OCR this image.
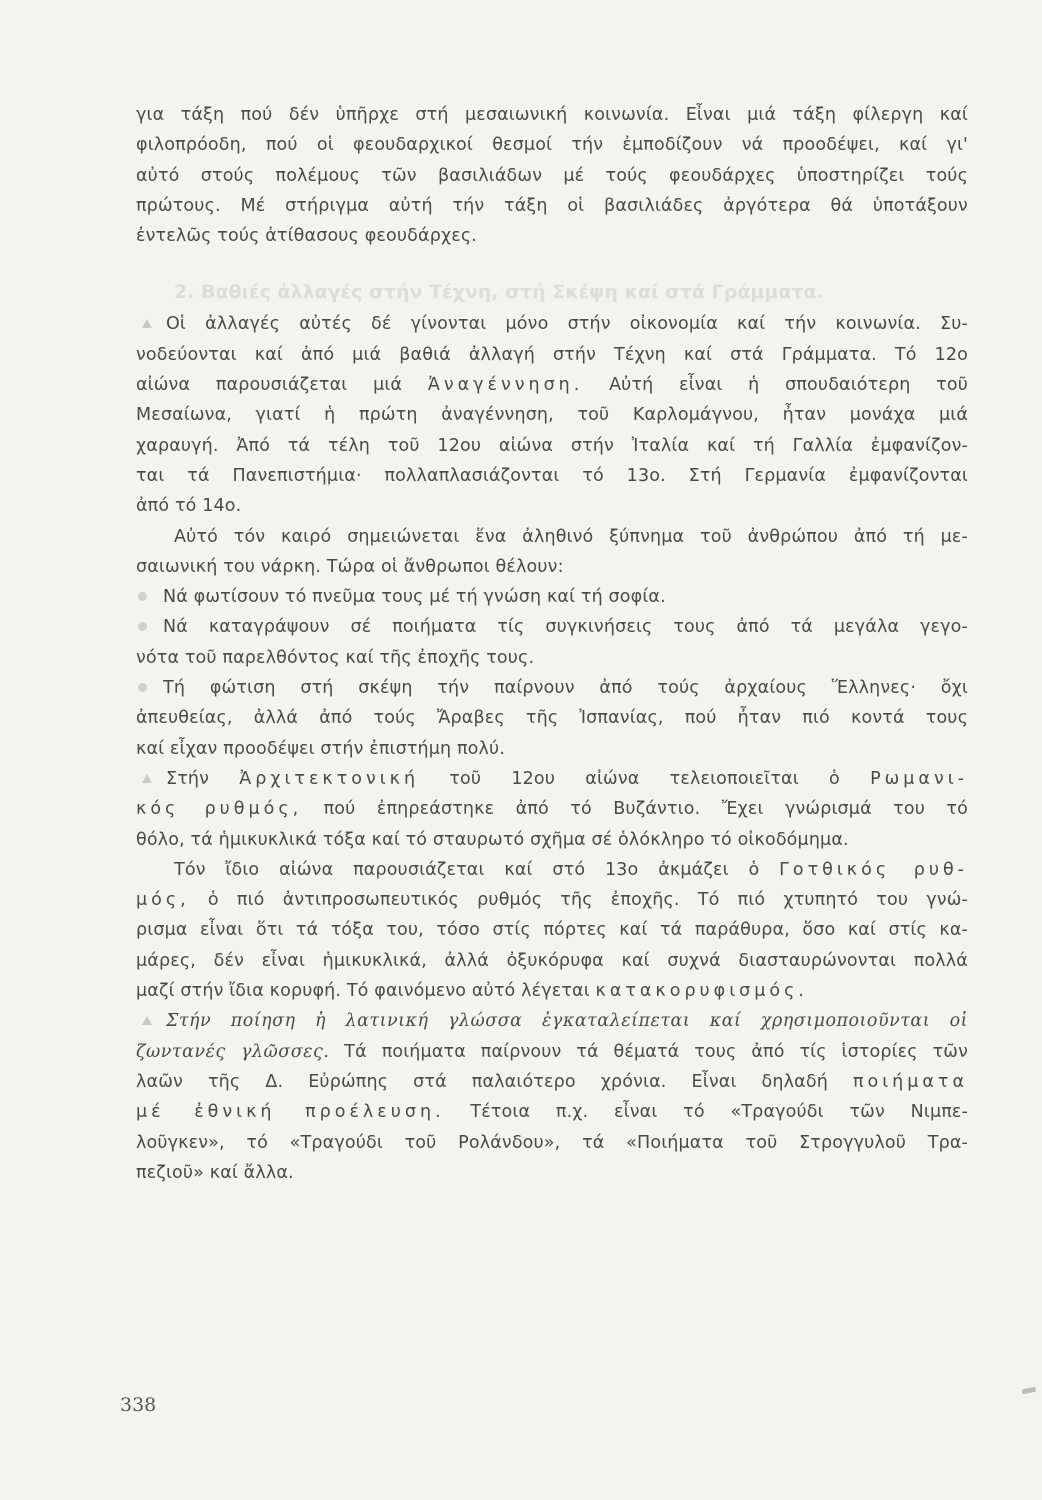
για τάξη πού δέν ὑπῆρχε στή μεσαιωνική κοινωνία. Εἶναι μιά τάξη φίλεργη καί
φιλοπρόοδη, πού οἱ φεουδαρχικοί θεσμοί τήν ἐμποδίζουν νά προοδέψει, καί γι'
αὐτό στούς πολέμους τῶν βασιλιάδων μέ τούς φεουδάρχες ὑποστηρίζει τούς
πρώτους. Μέ στήριγμα αὐτή τήν τάξη οἱ βασιλιάδες ἀργότερα θά ὑποτάξουν
ἐντελῶς τούς ἀτίθασους φεουδάρχες.
2. Βαθιές ἀλλαγές στήν Τέχνη, στή Σκέψη καί στά Γράμματα.
Οἱ ἀλλαγές αὐτές δέ γίνονται μόνο στήν οἰκονομία καί τήν κοινωνία. Συ-
νοδεύονται καί ἀπό μιά βαθιά ἀλλαγή στήν Τέχνη καί στά Γράμματα. Τό 12ο
αἰώνα παρουσιάζεται μιά Ἀναγέννηση. Αὐτή εἶναι ἡ σπουδαιότερη τοῦ
Μεσαίωνα, γιατί ἡ πρώτη ἀναγέννηση, τοῦ Καρλομάγνου, ἦταν μονάχα μιά
χαραυγή. Ἀπό τά τέλη τοῦ 12ου αἰώνα στήν Ἰταλία καί τή Γαλλία ἐμφανίζον-
ται τά Πανεπιστήμια· πολλαπλασιάζονται τό 13ο. Στή Γερμανία ἐμφανίζονται
ἀπό τό 14ο.
Αὐτό τόν καιρό σημειώνεται ἕνα ἀληθινό ξύπνημα τοῦ ἀνθρώπου ἀπό τή με-
σαιωνική του νάρκη. Τώρα οἱ ἄνθρωποι θέλουν:
Νά φωτίσουν τό πνεῦμα τους μέ τή γνώση καί τή σοφία.
Νά καταγράψουν σέ ποιήματα τίς συγκινήσεις τους ἀπό τά μεγάλα γεγο-
νότα τοῦ παρελθόντος καί τῆς ἐποχῆς τους.
Τή φώτιση στή σκέψη τήν παίρνουν ἀπό τούς ἀρχαίους Ἕλληνες· ὄχι
ἀπευθείας, ἀλλά ἀπό τούς Ἄραβες τῆς Ἰσπανίας, πού ἦταν πιό κοντά τους
καί εἶχαν προοδέψει στήν ἐπιστήμη πολύ.
Στήν Ἀρχιτεκτονική τοῦ 12ου αἰώνα τελειοποιεῖται ὁ Ρωμανι-
κός ρυθμός, πού ἐπηρεάστηκε ἀπό τό Βυζάντιο. Ἔχει γνώρισμά του τό
θόλο, τά ἡμικυκλικά τόξα καί τό σταυρωτό σχῆμα σέ ὁλόκληρο τό οἰκοδόμημα.
Τόν ἴδιο αἰώνα παρουσιάζεται καί στό 13ο ἀκμάζει ὁ Γοτθικός ρυθ-
μός, ὁ πιό ἀντιπροσωπευτικός ρυθμός τῆς ἐποχῆς. Τό πιό χτυπητό του γνώ-
ρισμα εἶναι ὅτι τά τόξα του, τόσο στίς πόρτες καί τά παράθυρα, ὅσο καί στίς κα-
μάρες, δέν εἶναι ἡμικυκλικά, ἀλλά ὀξυκόρυφα καί συχνά διασταυρώνονται πολλά
μαζί στήν ἴδια κορυφή. Τό φαινόμενο αὐτό λέγεται κατακορυφισμός.
Στήν ποίηση ἡ λατινική γλώσσα ἐγκαταλείπεται καί χρησιμοποιοῦνται οἱ
ζωντανές γλῶσσες. Τά ποιήματα παίρνουν τά θέματά τους ἀπό τίς ἱστορίες τῶν
λαῶν τῆς Δ. Εὐρώπης στά παλαιότερο χρόνια. Εἶναι δηλαδή ποιήματα
μέ ἐθνική προέλευση. Τέτοια π.χ. εἶναι τό «Τραγούδι τῶν Νιμπε-
λοῦγκεν», τό «Τραγούδι τοῦ Ρολάνδου», τά «Ποιήματα τοῦ Στρογγυλοῦ Τρα-
πεζιοῦ» καί ἄλλα.
338
